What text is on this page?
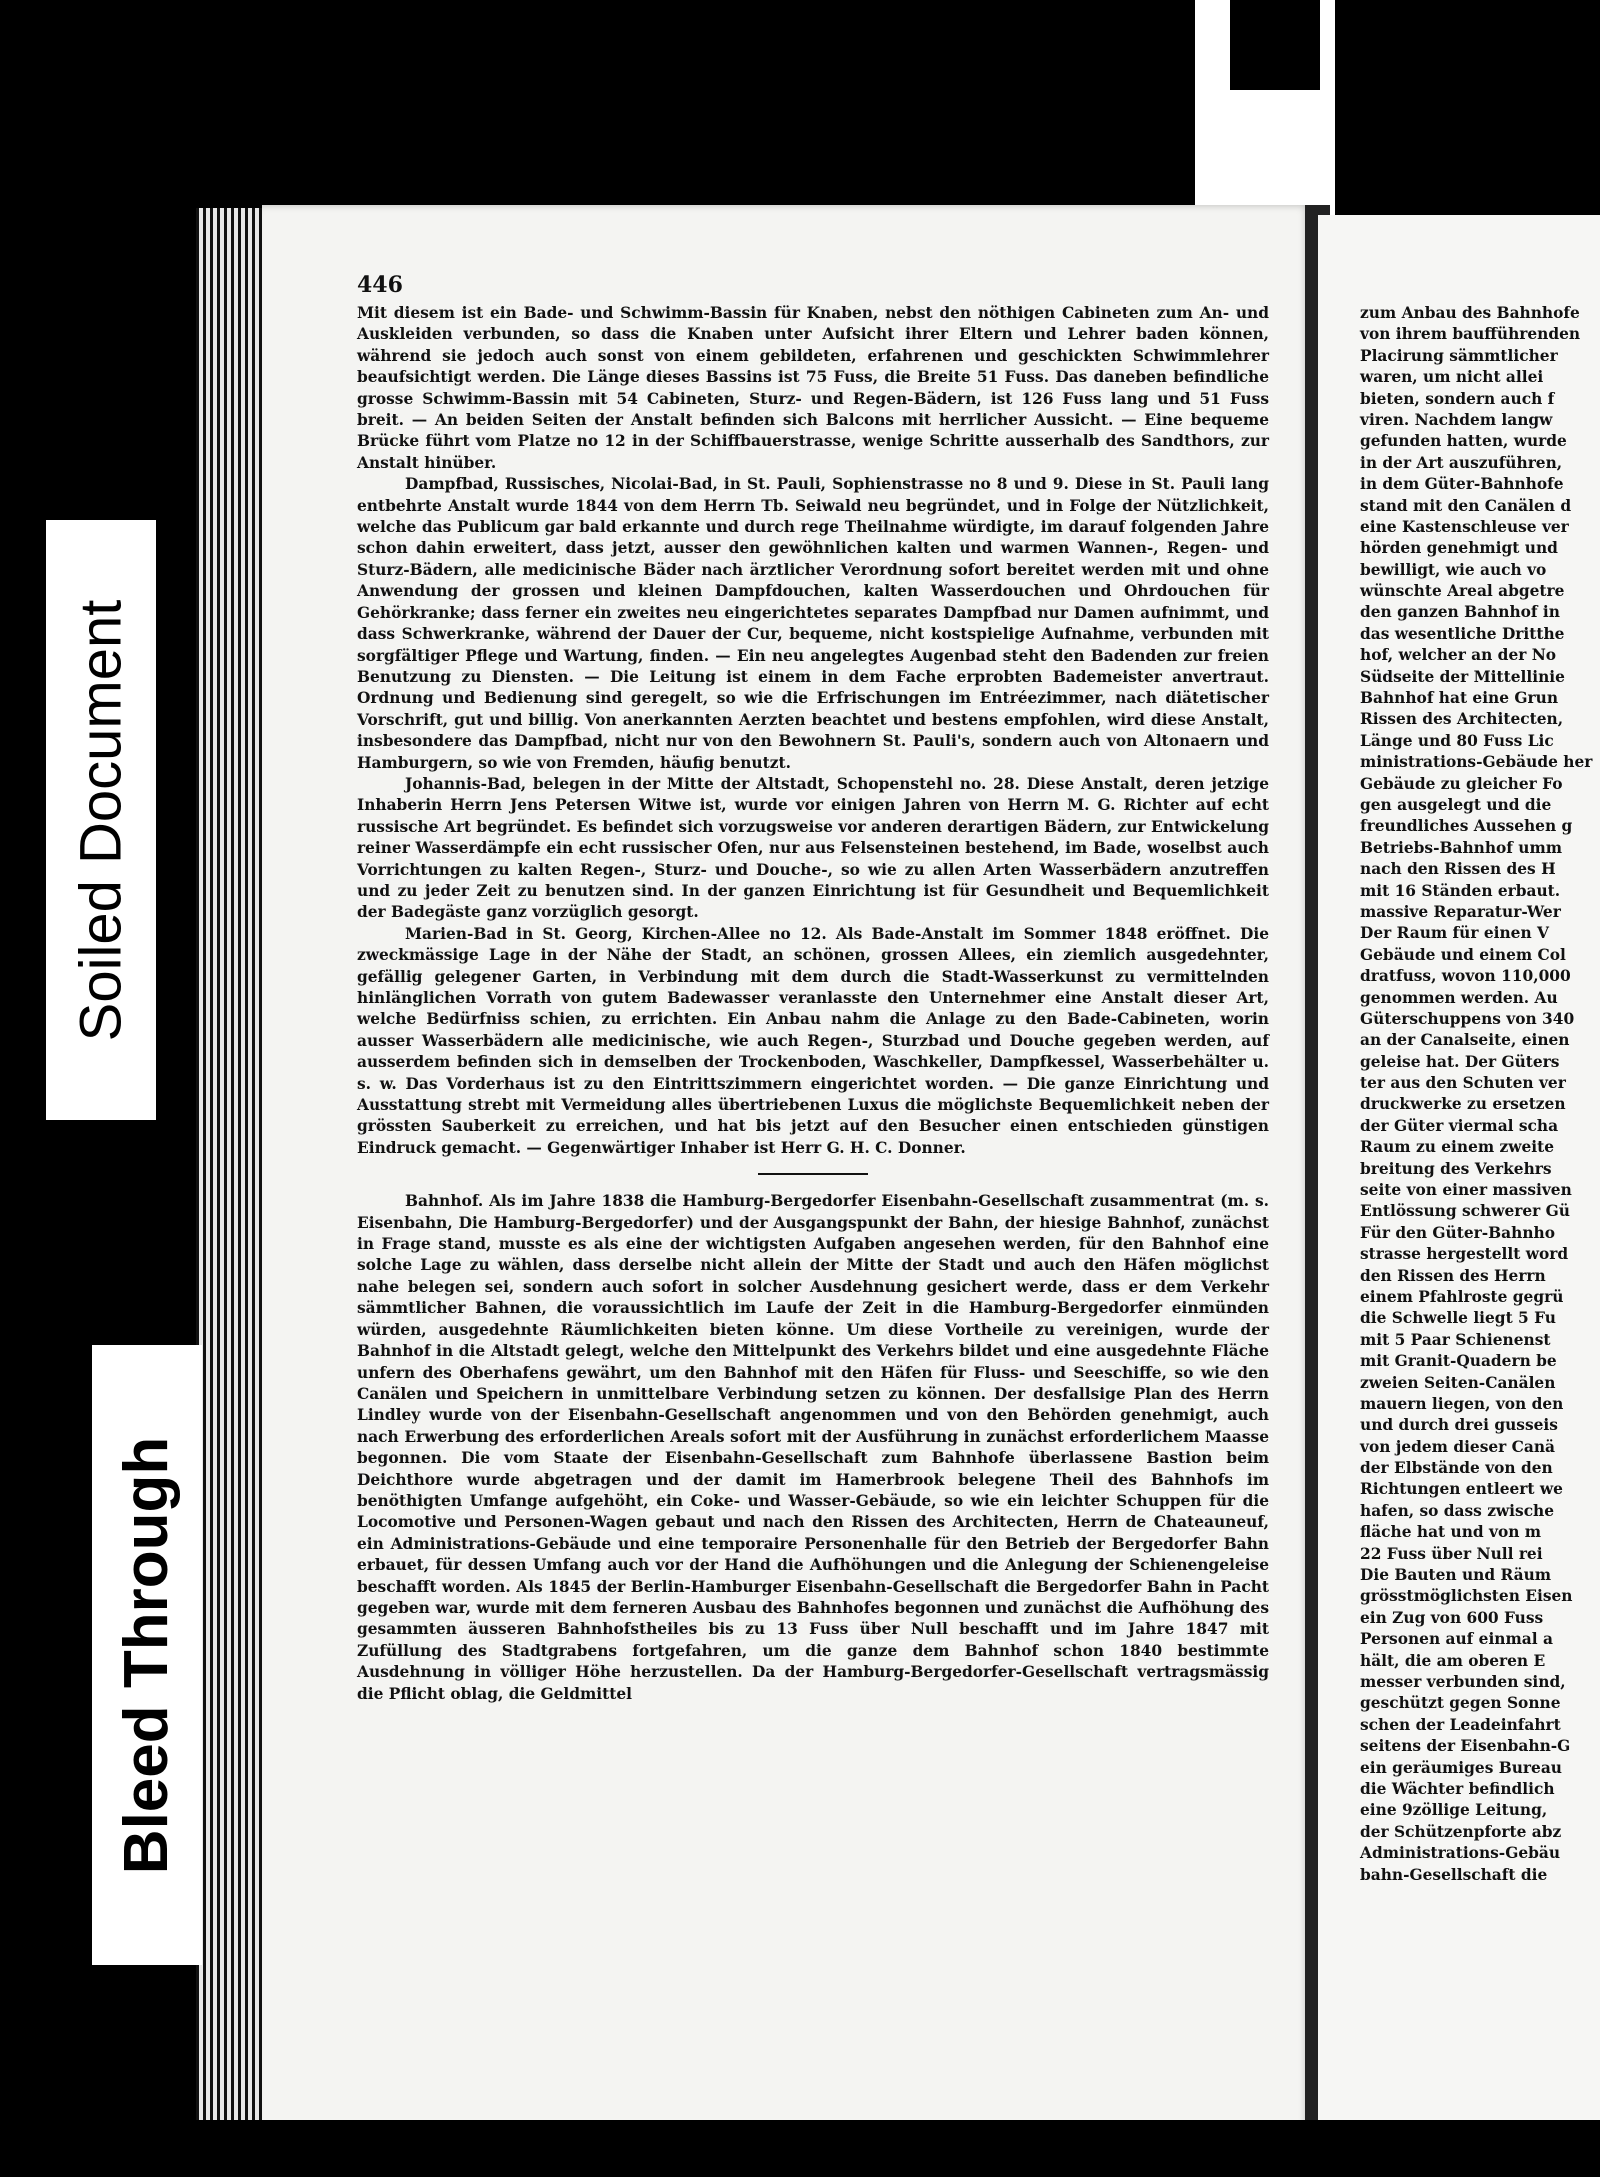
Soiled Document
Bleed Through
446

Mit diesem ist ein Bade- und Schwimm-Bassin für Knaben, nebst den nöthigen Cabineten zum An- und Auskleiden verbunden, so dass die Knaben unter Aufsicht ihrer Eltern und Lehrer baden können, während sie jedoch auch sonst von einem gebildeten, erfahrenen und geschickten Schwimmlehrer beaufsichtigt werden. Die Länge dieses Bassins ist 75 Fuss, die Breite 51 Fuss. Das daneben befindliche grosse Schwimm-Bassin mit 54 Cabineten, Sturz- und Regen-Bädern, ist 126 Fuss lang und 51 Fuss breit. — An beiden Seiten der Anstalt befinden sich Balcons mit herrlicher Aussicht. — Eine bequeme Brücke führt vom Platze no 12 in der Schiffbauerstrasse, wenige Schritte ausserhalb des Sandthors, zur Anstalt hinüber.

Dampfbad, Russisches, Nicolai-Bad, in St. Pauli, Sophienstrasse no 8 und 9. Diese in St. Pauli lang entbehrte Anstalt wurde 1844 von dem Herrn Tb. Seiwald neu begründet, und in Folge der Nützlichkeit, welche das Publicum gar bald erkannte und durch rege Theilnahme würdigte, im darauf folgenden Jahre schon dahin erweitert, dass jetzt, ausser den gewöhnlichen kalten und warmen Wannen-, Regen- und Sturz-Bädern, alle medicinische Bäder nach ärztlicher Verordnung sofort bereitet werden mit und ohne Anwendung der grossen und kleinen Dampfdouchen, kalten Wasserdouchen und Ohrdouchen für Gehörkranke; dass ferner ein zweites neu eingerichtetes separates Dampfbad nur Damen aufnimmt, und dass Schwerkranke, während der Dauer der Cur, bequeme, nicht kostspielige Aufnahme, verbunden mit sorgfältiger Pflege und Wartung, finden. — Ein neu angelegtes Augenbad steht den Badenden zur freien Benutzung zu Diensten. — Die Leitung ist einem in dem Fache erprobten Bademeister anvertraut. Ordnung und Bedienung sind geregelt, so wie die Erfrischungen im Entréezimmer, nach diätetischer Vorschrift, gut und billig. Von anerkannten Aerzten beachtet und bestens empfohlen, wird diese Anstalt, insbesondere das Dampfbad, nicht nur von den Bewohnern St. Pauli's, sondern auch von Altonaern und Hamburgern, so wie von Fremden, häufig benutzt.

Johannis-Bad, belegen in der Mitte der Altstadt, Schopenstehl no. 28. Diese Anstalt, deren jetzige Inhaberin Herrn Jens Petersen Witwe ist, wurde vor einigen Jahren von Herrn M. G. Richter auf echt russische Art begründet. Es befindet sich vorzugsweise vor anderen derartigen Bädern, zur Entwickelung reiner Wasserdämpfe ein echt russischer Ofen, nur aus Felsensteinen bestehend, im Bade, woselbst auch Vorrichtungen zu kalten Regen-, Sturz- und Douche-, so wie zu allen Arten Wasserbädern anzutreffen und zu jeder Zeit zu benutzen sind. In der ganzen Einrichtung ist für Gesundheit und Bequemlichkeit der Badegäste ganz vorzüglich gesorgt.

Marien-Bad in St. Georg, Kirchen-Allee no 12. Als Bade-Anstalt im Sommer 1848 eröffnet. Die zweckmässige Lage in der Nähe der Stadt, an schönen, grossen Allees, ein ziemlich ausgedehnter, gefällig gelegener Garten, in Verbindung mit dem durch die Stadt-Wasserkunst zu vermittelnden hinlänglichen Vorrath von gutem Badewasser veranlasste den Unternehmer eine Anstalt dieser Art, welche Bedürfniss schien, zu errichten. Ein Anbau nahm die Anlage zu den Bade-Cabineten, worin ausser Wasserbädern alle medicinische, wie auch Regen-, Sturzbad und Douche gegeben werden, auf ausserdem befinden sich in demselben der Trockenboden, Waschkeller, Dampfkessel, Wasserbehälter u. s. w. Das Vorderhaus ist zu den Eintrittszimmern eingerichtet worden. — Die ganze Einrichtung und Ausstattung strebt mit Vermeidung alles übertriebenen Luxus die möglichste Bequemlichkeit neben der grössten Sauberkeit zu erreichen, und hat bis jetzt auf den Besucher einen entschieden günstigen Eindruck gemacht. — Gegenwärtiger Inhaber ist Herr G. H. C. Donner.

Bahnhof. Als im Jahre 1838 die Hamburg-Bergedorfer Eisenbahn-Gesellschaft zusammentrat (m. s. Eisenbahn, Die Hamburg-Bergedorfer) und der Ausgangspunkt der Bahn, der hiesige Bahnhof, zunächst in Frage stand, musste es als eine der wichtigsten Aufgaben angesehen werden, für den Bahnhof eine solche Lage zu wählen, dass derselbe nicht allein der Mitte der Stadt und auch den Häfen möglichst nahe belegen sei, sondern auch sofort in solcher Ausdehnung gesichert werde, dass er dem Verkehr sämmtlicher Bahnen, die voraussichtlich im Laufe der Zeit in die Hamburg-Bergedorfer einmünden würden, ausgedehnte Räumlichkeiten bieten könne. Um diese Vortheile zu vereinigen, wurde der Bahnhof in die Altstadt gelegt, welche den Mittelpunkt des Verkehrs bildet und eine ausgedehnte Fläche unfern des Oberhafens gewährt, um den Bahnhof mit den Häfen für Fluss- und Seeschiffe, so wie den Canälen und Speichern in unmittelbare Verbindung setzen zu können. Der desfallsige Plan des Herrn Lindley wurde von der Eisenbahn-Gesellschaft angenommen und von den Behörden genehmigt, auch nach Erwerbung des erforderlichen Areals sofort mit der Ausführung in zunächst erforderlichem Maasse begonnen. Die vom Staate der Eisenbahn-Gesellschaft zum Bahnhofe überlassene Bastion beim Deichthore wurde abgetragen und der damit im Hamerbrook belegene Theil des Bahnhofs im benöthigten Umfange aufgehöht, ein Coke- und Wasser-Gebäude, so wie ein leichter Schuppen für die Locomotive und Personen-Wagen gebaut und nach den Rissen des Architecten, Herrn de Chateauneuf, ein Administrations-Gebäude und eine temporaire Personenhalle für den Betrieb der Bergedorfer Bahn erbauet, für dessen Umfang auch vor der Hand die Aufhöhungen und die Anlegung der Schienengeleise beschafft worden. Als 1845 der Berlin-Hamburger Eisenbahn-Gesellschaft die Bergedorfer Bahn in Pacht gegeben war, wurde mit dem ferneren Ausbau des Bahnhofes begonnen und zunächst die Aufhöhung des gesammten äusseren Bahnhofstheiles bis zu 13 Fuss über Null beschafft und im Jahre 1847 mit Zufüllung des Stadtgrabens fortgefahren, um die ganze dem Bahnhof schon 1840 bestimmte Ausdehnung in völliger Höhe herzustellen. Da der Hamburg-Bergedorfer-Gesellschaft vertragsmässig die Pflicht oblag, die Geldmittel

zum Anbau des Bahnhofe
von ihrem baufführenden
Placirung sämmtlicher
waren, um nicht allei
bieten, sondern auch f
viren. Nachdem langw
gefunden hatten, wurde
in der Art auszuführen,
in dem Güter-Bahnhofe
stand mit den Canälen d
eine Kastenschleuse ver
hörden genehmigt und
bewilligt, wie auch vo
wünschte Areal abgetre
den ganzen Bahnhof in
das wesentliche Dritthe
hof, welcher an der No
Südseite der Mittellinie
Bahnhof hat eine Grun
Rissen des Architecten,
Länge und 80 Fuss Lic
ministrations-Gebäude her
Gebäude zu gleicher Fo
gen ausgelegt und die
freundliches Aussehen g
Betriebs-Bahnhof umm
nach den Rissen des H
mit 16 Ständen erbaut.
massive Reparatur-Wer
Der Raum für einen V
Gebäude und einem Col
dratfuss, wovon 110,000
genommen werden. Au
Güterschuppens von 340
an der Canalseite, einen
geleise hat. Der Güters
ter aus den Schuten ver
druckwerke zu ersetzen
der Güter viermal scha
Raum zu einem zweite
breitung des Verkehrs
seite von einer massiven
Entlössung schwerer Gü
Für den Güter-Bahnho
strasse hergestellt word
den Rissen des Herrn
einem Pfahlroste gegrü
die Schwelle liegt 5 Fu
mit 5 Paar Schienenst
mit Granit-Quadern be
zweien Seiten-Canälen
mauern liegen, von den
und durch drei gusseis
von jedem dieser Canä
der Elbstände von den
Richtungen entleert we
hafen, so dass zwische
fläche hat und von m
22 Fuss über Null rei
Die Bauten und Räum
grösstmöglichsten Eisen
ein Zug von 600 Fuss
Personen auf einmal a
hält, die am oberen E
messer verbunden sind,
geschützt gegen Sonne
schen der Leadeinfahrt
seitens der Eisenbahn-G
ein geräumiges Bureau
die Wächter befindlich
eine 9zöllige Leitung,
der Schützenpforte abz
Administrations-Gebäu
bahn-Gesellschaft die
